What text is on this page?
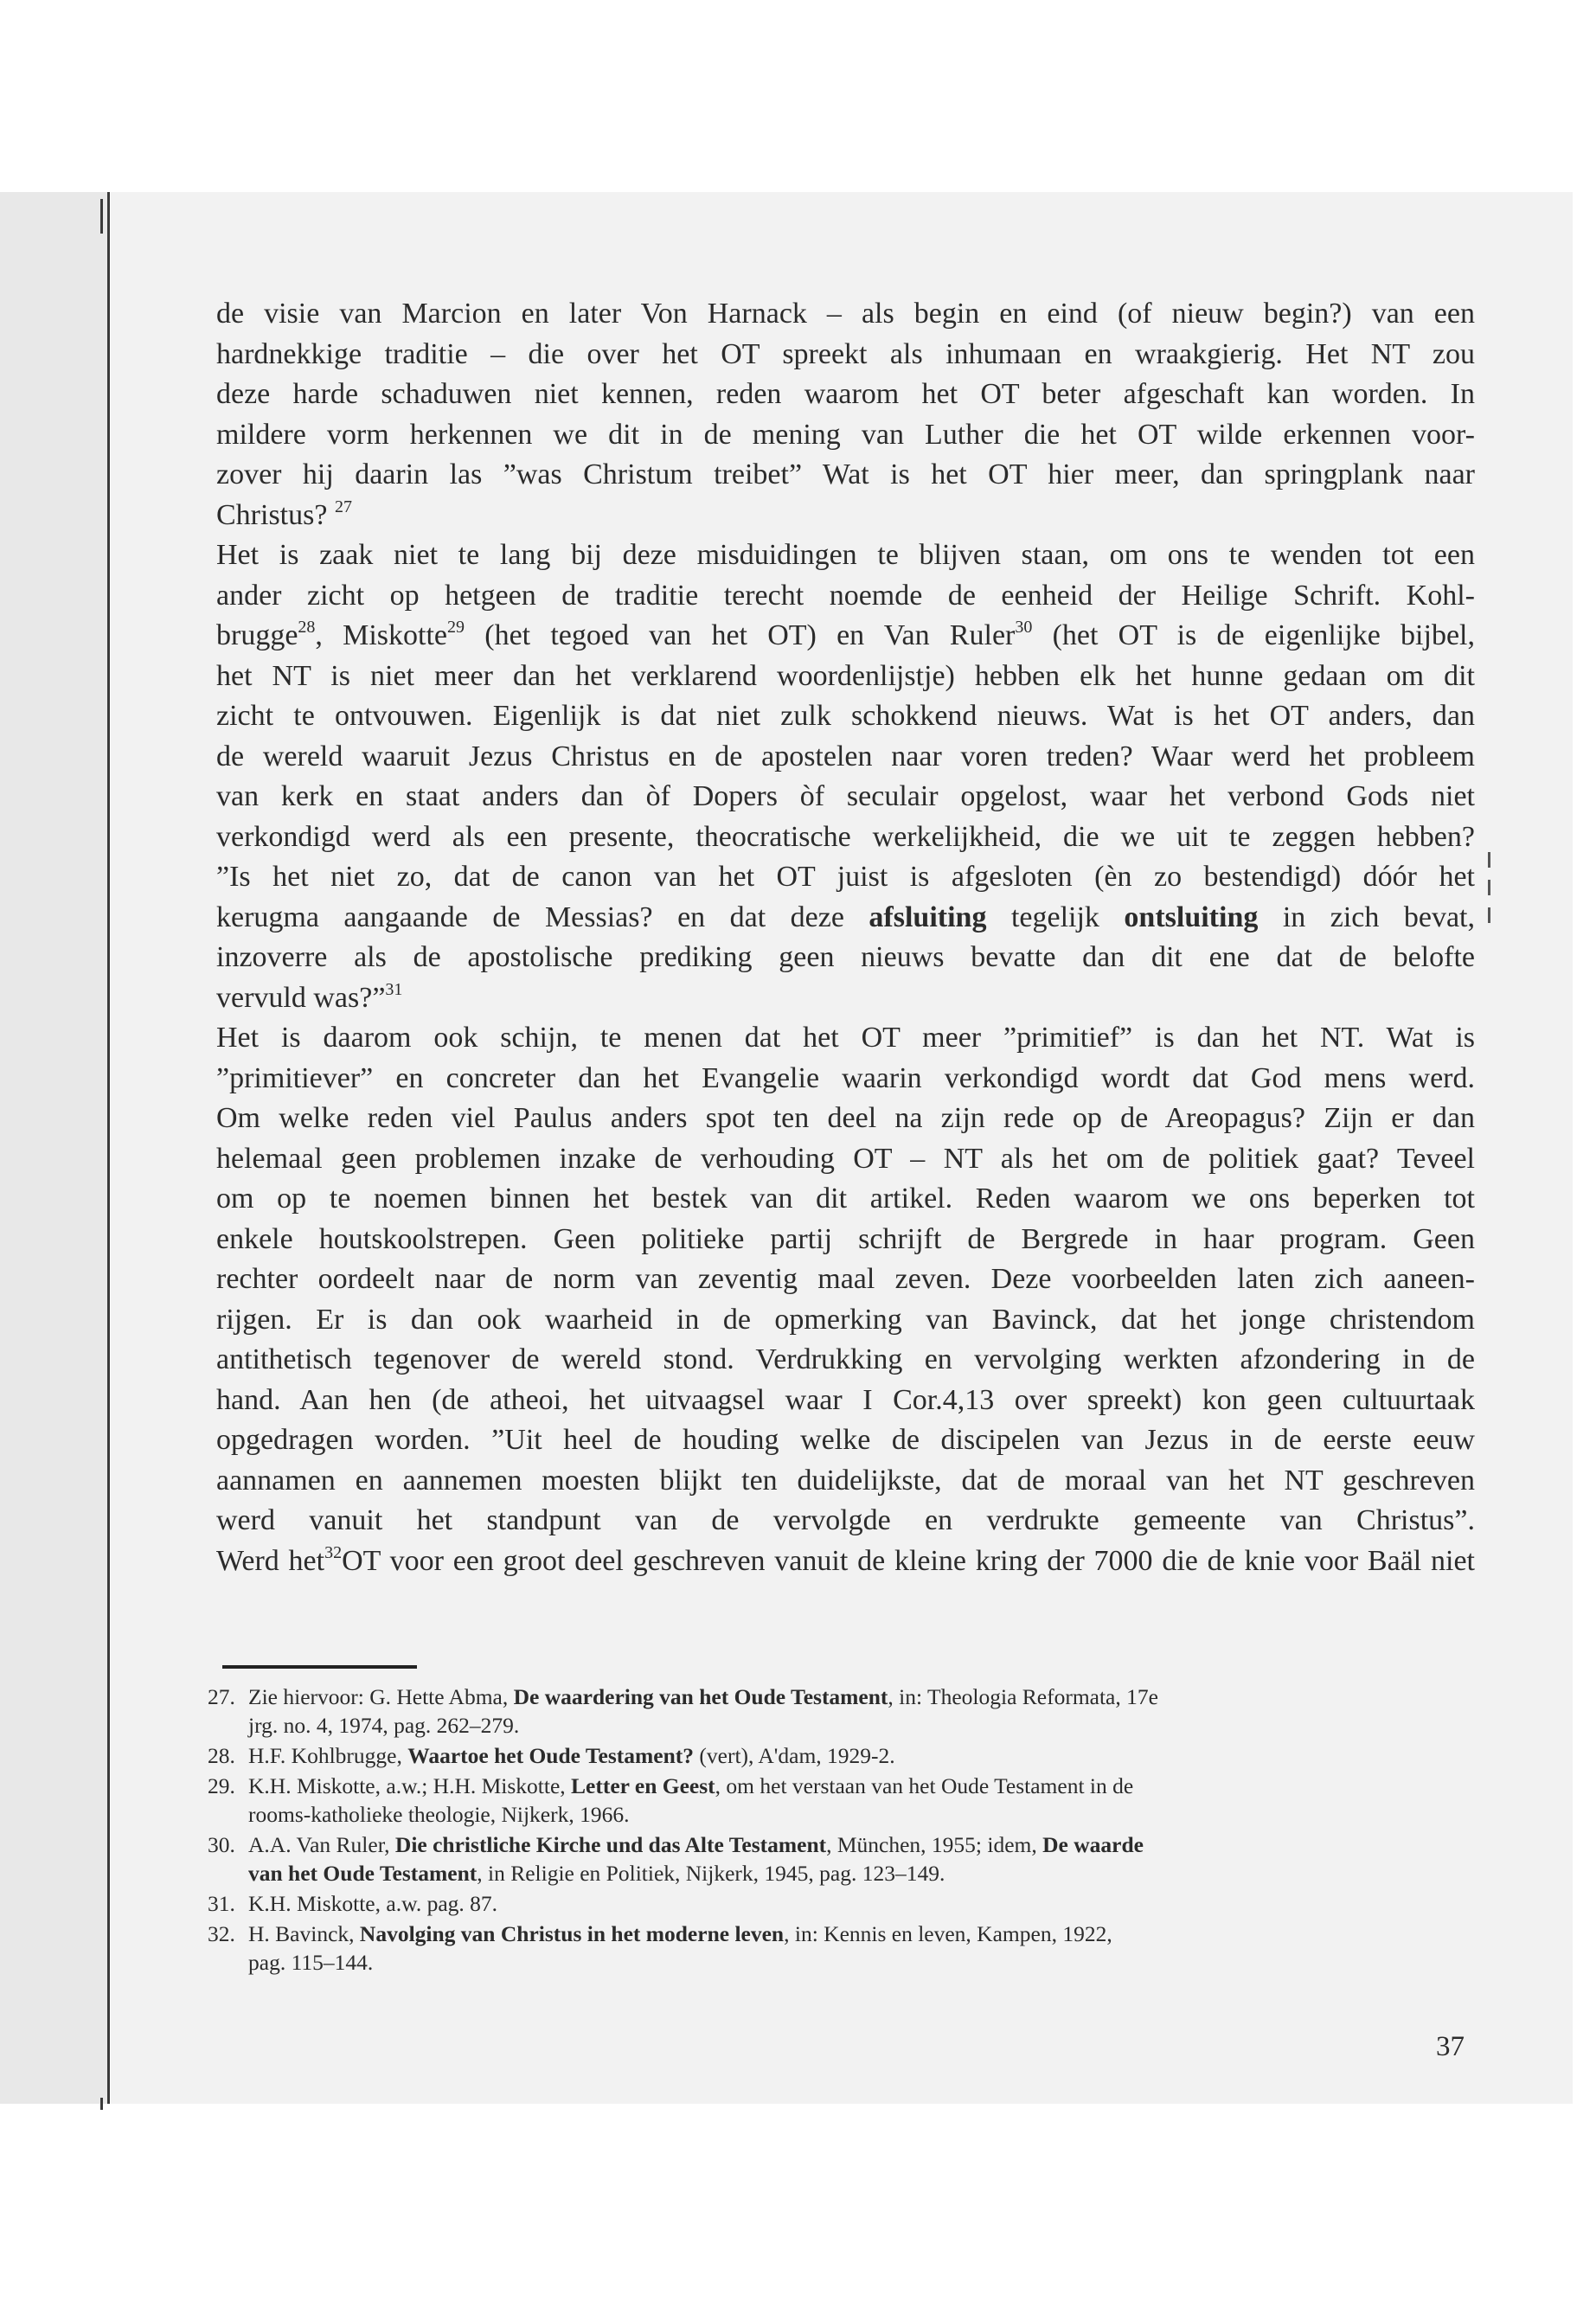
de visie van Marcion en later Von Harnack – als begin en eind (of nieuw begin?) van een
hardnekkige traditie – die over het OT spreekt als inhumaan en wraakgierig. Het NT zou
deze harde schaduwen niet kennen, reden waarom het OT beter afgeschaft kan worden. In
mildere vorm herkennen we dit in de mening van Luther die het OT wilde erkennen voor-
zover hij daarin las ”was Christum treibet” Wat is het OT hier meer, dan springplank naar
Christus? $^{27}$
Het is zaak niet te lang bij deze misduidingen te blijven staan, om ons te wenden tot een
ander zicht op hetgeen de traditie terecht noemde de eenheid der Heilige Schrift. Kohl-
brugge$^{28}$, Miskotte$^{29}$ (het tegoed van het OT) en Van Ruler$^{30}$ (het OT is de eigenlijke bijbel,
het NT is niet meer dan het verklarend woordenlijstje) hebben elk het hunne gedaan om dit
zicht te ontvouwen. Eigenlijk is dat niet zulk schokkend nieuws. Wat is het OT anders, dan
de wereld waaruit Jezus Christus en de apostelen naar voren treden? Waar werd het probleem
van kerk en staat anders dan òf Dopers òf seculair opgelost, waar het verbond Gods niet
verkondigd werd als een presente, theocratische werkelijkheid, die we uit te zeggen hebben?
”Is het niet zo, dat de canon van het OT juist is afgesloten (èn zo bestendigd) dóór het
kerugma aangaande de Messias? en dat deze afsluiting tegelijk ontsluiting in zich bevat,
inzoverre als de apostolische prediking geen nieuws bevatte dan dit ene dat de belofte
vervuld was?”$^{31}$
Het is daarom ook schijn, te menen dat het OT meer ”primitief” is dan het NT. Wat is
”primitiever” en concreter dan het Evangelie waarin verkondigd wordt dat God mens werd.
Om welke reden viel Paulus anders spot ten deel na zijn rede op de Areopagus? Zijn er dan
helemaal geen problemen inzake de verhouding OT – NT als het om de politiek gaat? Teveel
om op te noemen binnen het bestek van dit artikel. Reden waarom we ons beperken tot
enkele houtskoolstrepen. Geen politieke partij schrijft de Bergrede in haar program. Geen
rechter oordeelt naar de norm van zeventig maal zeven. Deze voorbeelden laten zich aaneen-
rijgen. Er is dan ook waarheid in de opmerking van Bavinck, dat het jonge christendom
antithetisch tegenover de wereld stond. Verdrukking en vervolging werkten afzondering in de
hand. Aan hen (de atheoi, het uitvaagsel waar I Cor.4,13 over spreekt) kon geen cultuurtaak
opgedragen worden. ”Uit heel de houding welke de discipelen van Jezus in de eerste eeuw
aannamen en aannemen moesten blijkt ten duidelijkste, dat de moraal van het NT geschreven
werd vanuit het standpunt van de vervolgde en verdrukte gemeente van Christus”.
Werd het$^{32}$OT voor een groot deel geschreven vanuit de kleine kring der 7000 die de knie voor Baäl niet
27. Zie hiervoor: G. Hette Abma, De waardering van het Oude Testament, in: Theologia Reformata, 17e
jrg. no. 4, 1974, pag. 262–279.
28. H.F. Kohlbrugge, Waartoe het Oude Testament? (vert), A'dam, 1929-2.
29. K.H. Miskotte, a.w.; H.H. Miskotte, Letter en Geest, om het verstaan van het Oude Testament in de
rooms-katholieke theologie, Nijkerk, 1966.
30. A.A. Van Ruler, Die christliche Kirche und das Alte Testament, München, 1955; idem, De waarde
van het Oude Testament, in Religie en Politiek, Nijkerk, 1945, pag. 123–149.
31. K.H. Miskotte, a.w. pag. 87.
32. H. Bavinck, Navolging van Christus in het moderne leven, in: Kennis en leven, Kampen, 1922,
pag. 115–144.
37
